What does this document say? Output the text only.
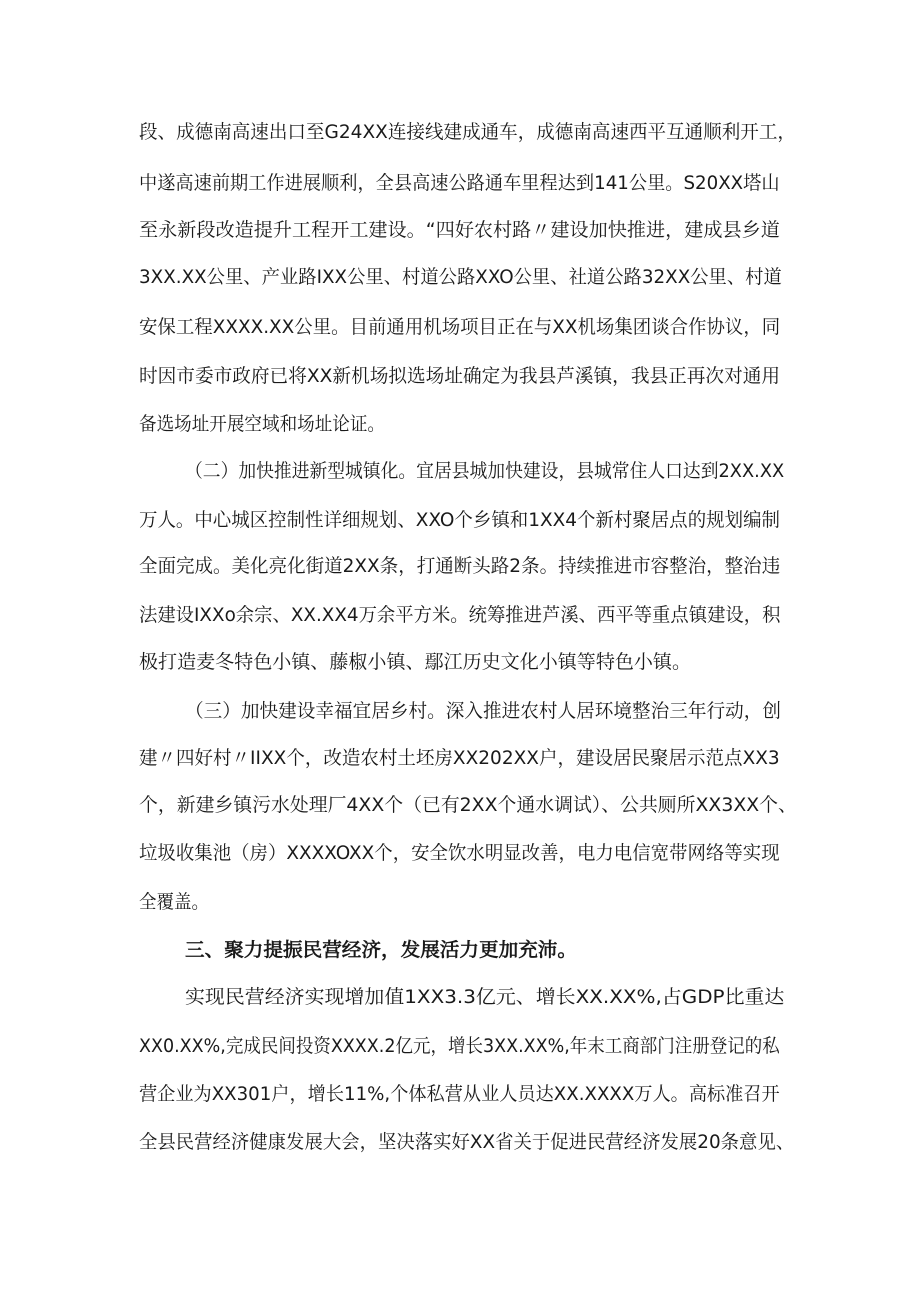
段、成德南高速出口至G24XX连接线建成通车，成德南高速西平互通顺利开工，
中遂高速前期工作进展顺利，全县高速公路通车里程达到141公里。S20XX塔山
至永新段改造提升工程开工建设。“四好农村路〃建设加快推进，建成县乡道
3XX.XX公里、产业路IXX公里、村道公路XXO公里、社道公路32XX公里、村道
安保工程XXXX.XX公里。目前通用机场项目正在与XX机场集团谈合作协议，同
时因市委市政府已将XX新机场拟选场址确定为我县芦溪镇，我县正再次对通用
备选场址开展空域和场址论证。
（二）加快推进新型城镇化。宜居县城加快建设，县城常住人口达到2XX.XX
万人。中心城区控制性详细规划、XXO个乡镇和1XX4个新村聚居点的规划编制
全面完成。美化亮化街道2XX条，打通断头路2条。持续推进市容整治，整治违
法建设IXXo余宗、XX.XX4万余平方米。统筹推进芦溪、西平等重点镇建设，积
极打造麦冬特色小镇、藤椒小镇、鄢江历史文化小镇等特色小镇。
（三）加快建设幸福宜居乡村。深入推进农村人居环境整治三年行动，创
建〃四好村〃IIXX个，改造农村土坯房XX202XX户，建设居民聚居示范点XX3
个，新建乡镇污水处理厂4XX个（已有2XX个通水调试）、公共厕所XX3XX个、
垃圾收集池（房）XXXXOXX个，安全饮水明显改善，电力电信宽带网络等实现
全覆盖。
三、聚力提振民营经济，发展活力更加充沛。
实现民营经济实现增加值1XX3.3亿元、增长XX.XX%,占GDP比重达
XX0.XX%,完成民间投资XXXX.2亿元，增长3XX.XX%,年末工商部门注册登记的私
营企业为XX301户，增长11%,个体私营从业人员达XX.XXXX万人。高标准召开
全县民营经济健康发展大会，坚决落实好XX省关于促进民营经济发展20条意见、
